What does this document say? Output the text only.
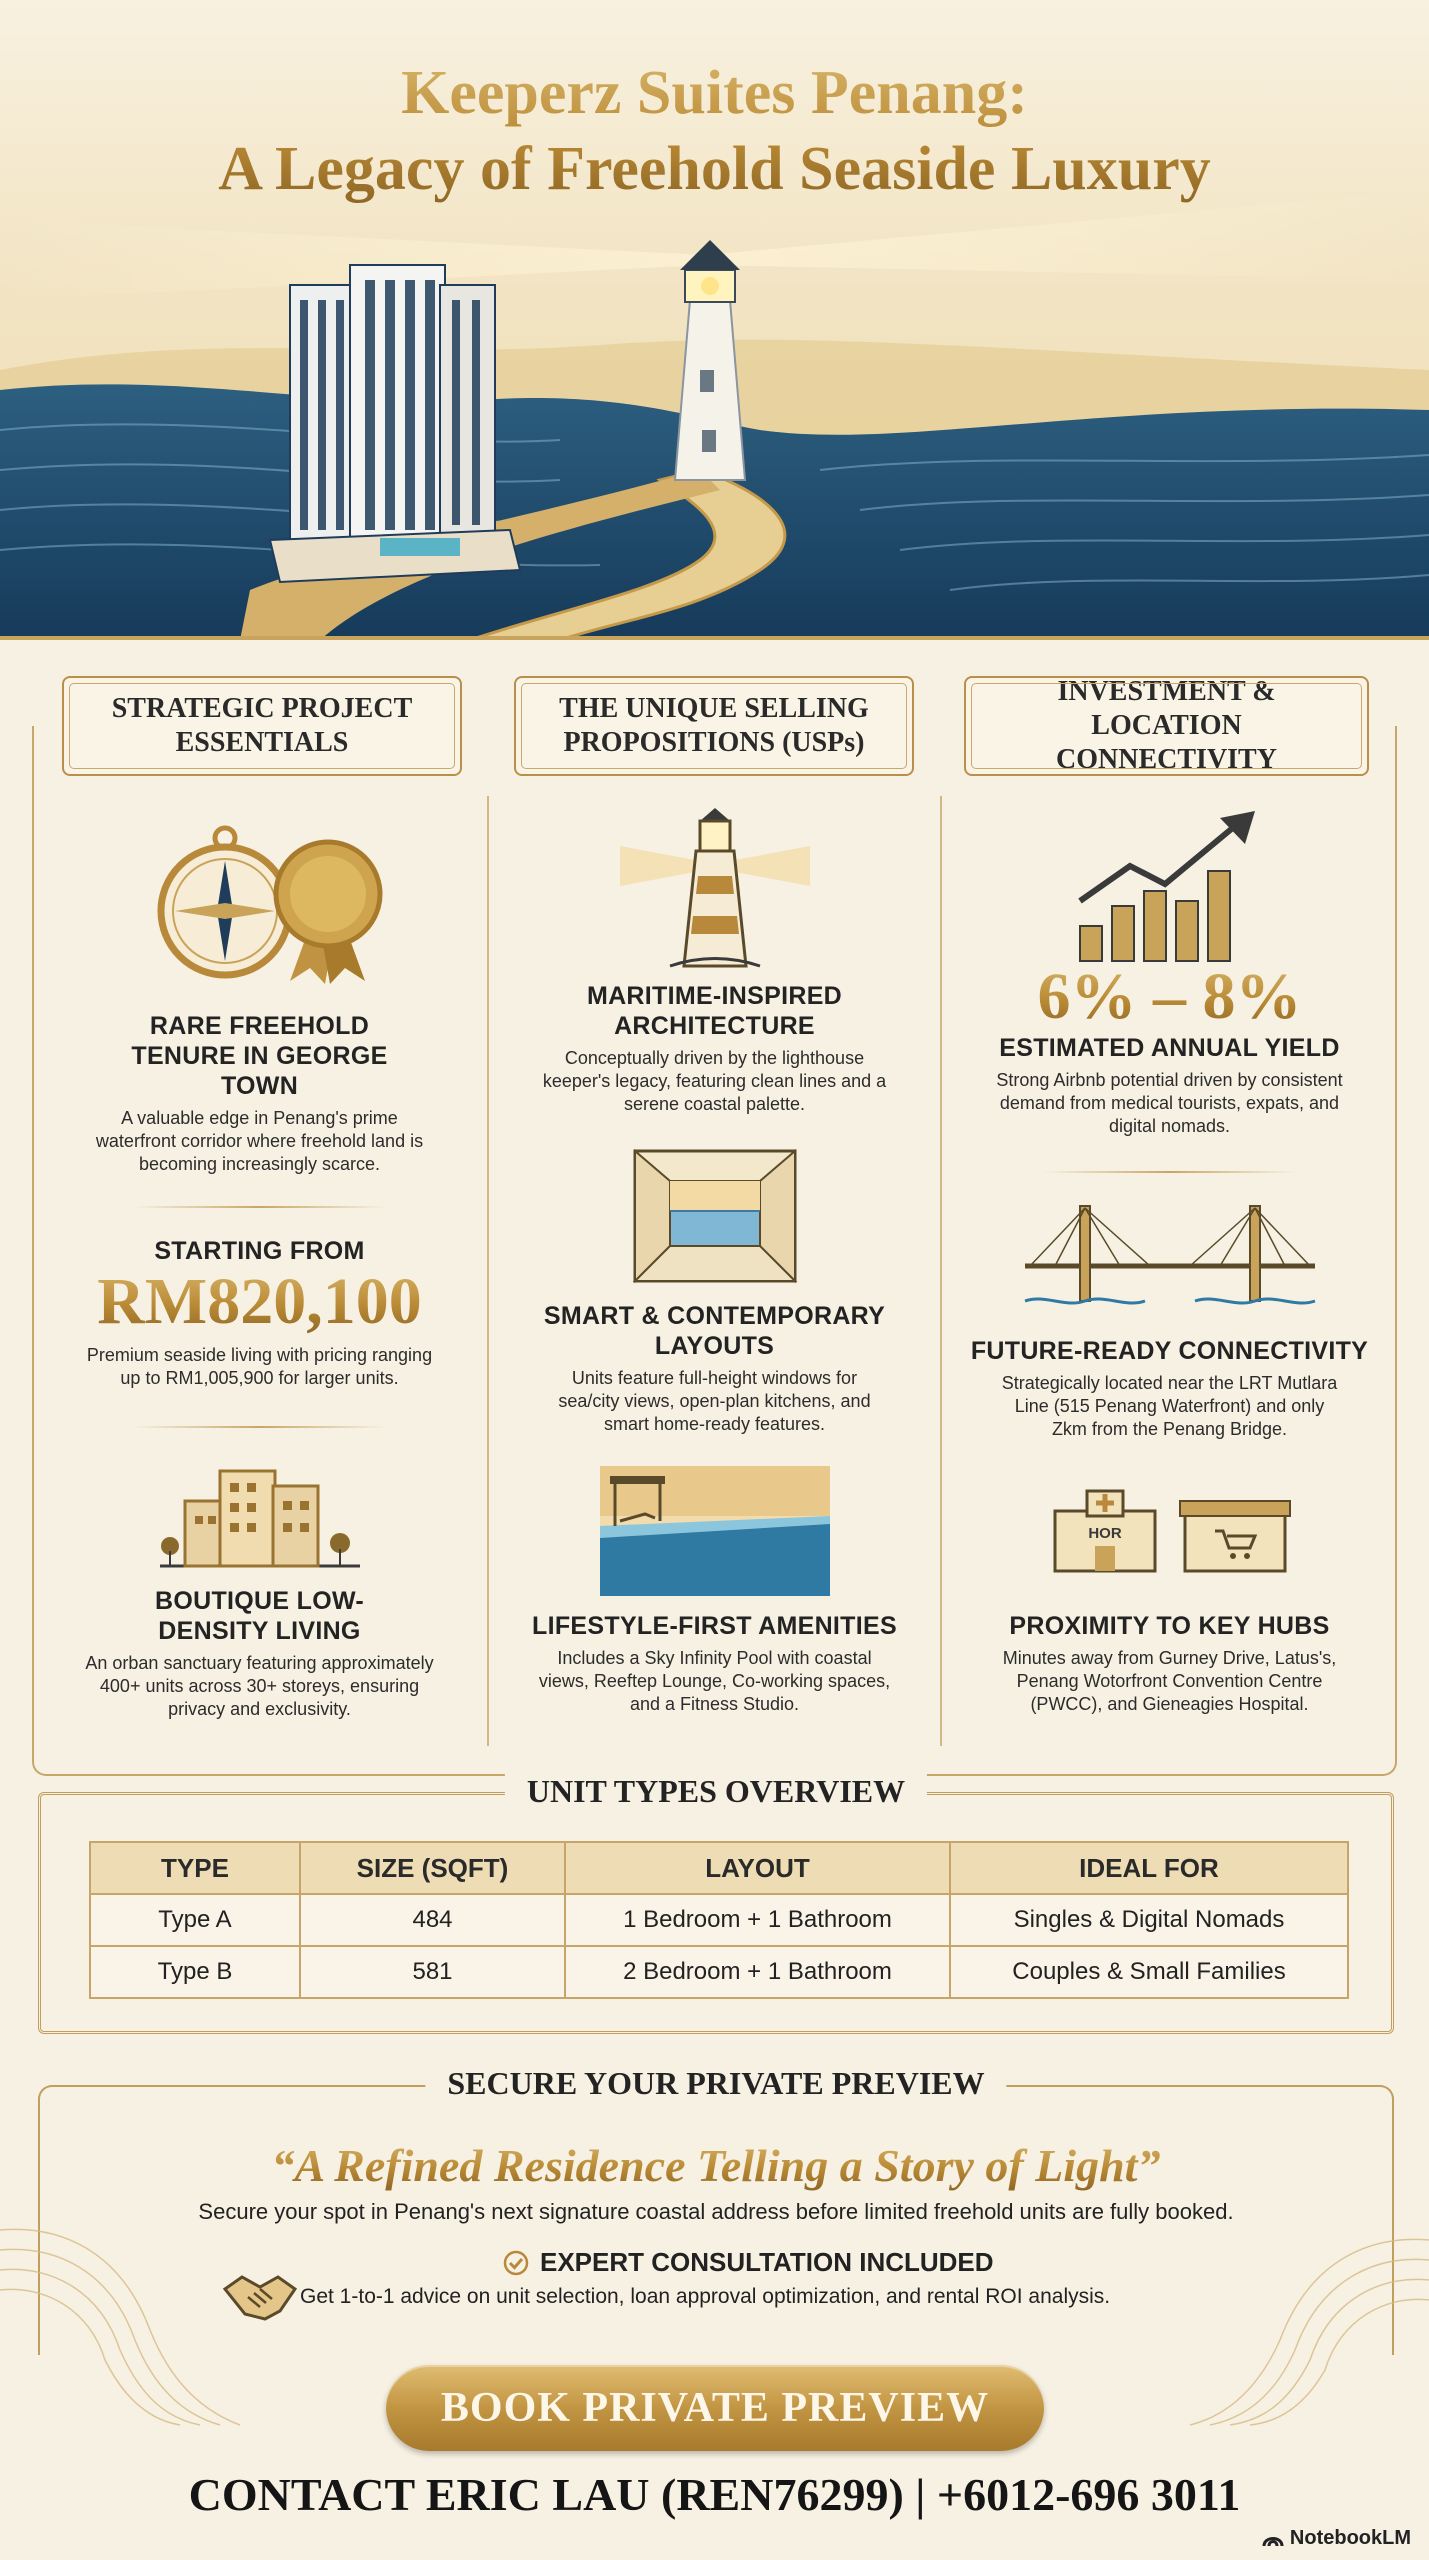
Keeperz Suites Penang:
A Legacy of Freehold Seaside Luxury
STRATEGIC PROJECT ESSENTIALS
THE UNIQUE SELLING PROPOSITIONS (USPs)
INVESTMENT & LOCATION CONNECTIVITY
RARE FREEHOLD TENURE IN GEORGE TOWN

A valuable edge in Penang's prime waterfront corridor where freehold land is becoming increasingly scarce.

STARTING FROM
RM820,100

Premium seaside living with pricing ranging up to RM1,005,900 for larger units.

BOUTIQUE LOW-DENSITY LIVING

An orban sanctuary featuring approximately 400+ units across 30+ storeys, ensuring privacy and exclusivity.

MARITIME-INSPIRED ARCHITECTURE

Conceptually driven by the lighthouse keeper's legacy, featuring clean lines and a serene coastal palette.

SMART & CONTEMPORARY LAYOUTS

Units feature full-height windows for sea/city views, open-plan kitchens, and smart home-ready features.

LIFESTYLE-FIRST AMENITIES

Includes a Sky Infinity Pool with coastal views, Reeftep Lounge, Co-working spaces, and a Fitness Studio.

6% – 8%
ESTIMATED ANNUAL YIELD

Strong Airbnb potential driven by consistent demand from medical tourists, expats, and digital nomads.

FUTURE-READY CONNECTIVITY

Strategically located near the LRT Mutlara Line (515 Penang Waterfront) and only Zkm from the Penang Bridge.

HOR
PROXIMITY TO KEY HUBS

Minutes away from Gurney Drive, Latus's, Penang Wotorfront Convention Centre (PWCC), and Gieneagies Hospital.

UNIT TYPES OVERVIEW
TYPE	SIZE (SQFT)	LAYOUT	IDEAL FOR
Type A	484	1 Bedroom + 1 Bathroom	Singles & Digital Nomads
Type B	581	2 Bedroom + 1 Bathroom	Couples & Small Families
SECURE YOUR PRIVATE PREVIEW
“A Refined Residence Telling a Story of Light”
Secure your spot in Penang's next signature coastal address before limited freehold units are fully booked.
EXPERT CONSULTATION INCLUDED
Get 1-to-1 advice on unit selection, loan approval optimization, and rental ROI analysis.
BOOK PRIVATE PREVIEW
CONTACT ERIC LAU (REN76299) | +6012-696 3011
NotebookLM
